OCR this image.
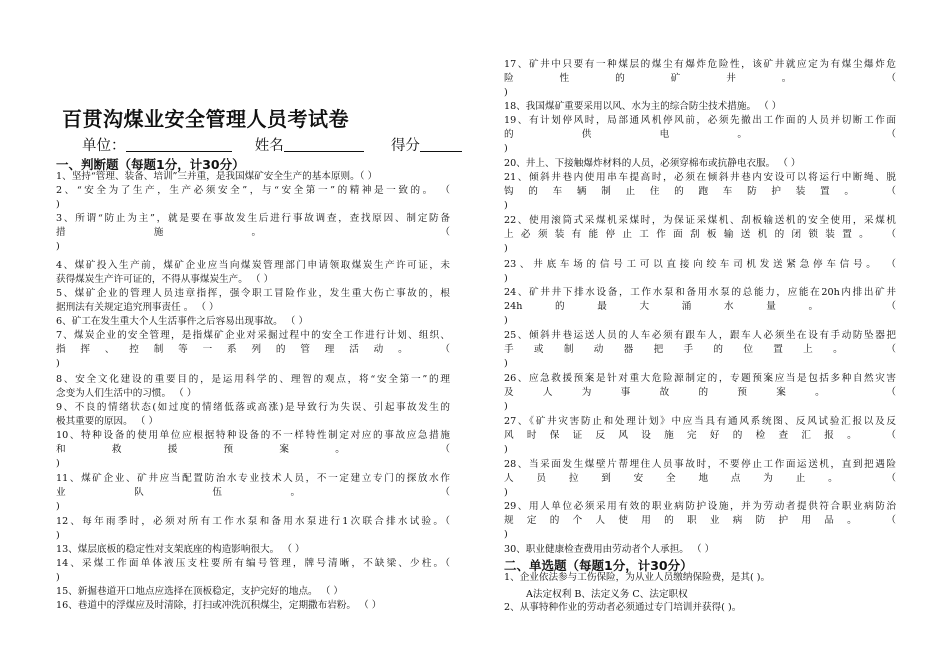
百贯沟煤业安全管理人员考试卷
单位：	姓名	得分
一、判断题（每题1分，计30分）
1、坚持“管理、装备、培训”三并重，是我国煤矿安全生产的基本原则。（ ）
2、“安全为了生产，生产必须安全”，与“安全第一”的精神是一致的。 （
)
3、所谓“防止为主”，就是要在事故发生后进行事故调查，查找原因、制定防备
措施。 （
)
4、煤矿投入生产前，煤矿企业应当向煤炭管理部门申请领取煤炭生产许可证，未
获得煤炭生产许可证的，不得从事煤炭生产。 （ ）
5、煤矿企业的管理人员违章指挥，强令职工冒险作业，发生重大伤亡事故的，根
据刑法有关规定追究刑事责任 。 （ ）
6、矿工在发生重大个人生活事件之后容易出现事故。 （ ）
7、煤炭企业的安全管理，是指煤矿企业对采掘过程中的安全工作进行计划、组织、
指挥、控制等一系列的管理活动。 （
)
8、安全文化建设的重要目的，是运用科学的、理智的观点，将“安全第一”的理
念变为人们生活中的习惯。 （ ）
9、不良的情绪状态(如过度的情绪低落或高涨)是导致行为失误、引起事故发生的
极其重要的原因。 （ ）
10、特种设备的使用单位应根据特种设备的不一样特性制定对应的事故应急措施
和救援预案。 （
)
11、煤矿企业、矿井应当配置防治水专业技术人员，不一定建立专门的探放水作
业队伍。 （
)
12、每年雨季时，必须对所有工作水泵和备用水泵进行1次联合排水试验。（
)
13、煤层底板的稳定性对支架底座的构造影响很大。 （ ）
14、采煤工作面单体液压支柱要所有编号管理，牌号清晰，不缺梁、少柱。（
)
15、新掘巷道开口地点应选择在顶板稳定，支护完好的地点。 （ ）
16、巷道中的浮煤应及时清除，打扫或冲洗沉积煤尘，定期撒布岩粉。 （ ）
17、矿井中只要有一种煤层的煤尘有爆炸危险性，该矿井就应定为有煤尘爆炸危
险性的矿井。 （
)
18、我国煤矿重要采用以风、水为主的综合防尘技术措施。 （ ）
19、有计划停风时，局部通风机停风前，必须先撤出工作面的人员并切断工作面
的供电。 （
)
20、井上、下接触爆炸材料的人员，必须穿棉布或抗静电衣服。 （ ）
21、倾斜井巷内使用串车提高时，必须在倾斜井巷内安设可以将运行中断绳、脱
钩的车辆制止住的跑车防护装置。 （
)
22、使用滚筒式采煤机采煤时，为保证采煤机、刮板输送机的安全使用，采煤机
上必须装有能停止工作面刮板输送机的闭锁装置。 （
)
23、井底车场的信号工可以直接向绞车司机发送紧急停车信号。 （
)
24、矿井井下排水设备，工作水泵和备用水泵的总能力，应能在20h内排出矿井
24h的最大涌水量。 （
)
25、倾斜井巷运送人员的人车必须有跟车人，跟车人必须坐在设有手动防坠器把
手或制动器把手的位置上。 （
)
26、应急救援预案是针对重大危险源制定的，专题预案应当是包括多种自然灾害
及人为事故的预案。 （
)
27、《矿井灾害防止和处理计划》中应当具有通风系统图、反风试验汇报以及反
风时保证反风设施完好的检查汇报。 （
)
28、当采面发生煤壁片帮埋住人员事故时，不要停止工作面运送机，直到把遇险
人员拉到安全地点为止。 （
)
29、用人单位必须采用有效的职业病防护设施，并为劳动者提供符合职业病防治
规定的个人使用的职业病防护用品。 （
)
30、职业健康检查费用由劳动者个人承担。 （ ）
1、企业依法参与工伤保险，为从业人员缴纳保险费，是其( )。
2、从事特种作业的劳动者必须通过专门培训并获得( )。
二、单选题（每题1分，计30分）
A法定权利 B、法定义务 C、法定职权
